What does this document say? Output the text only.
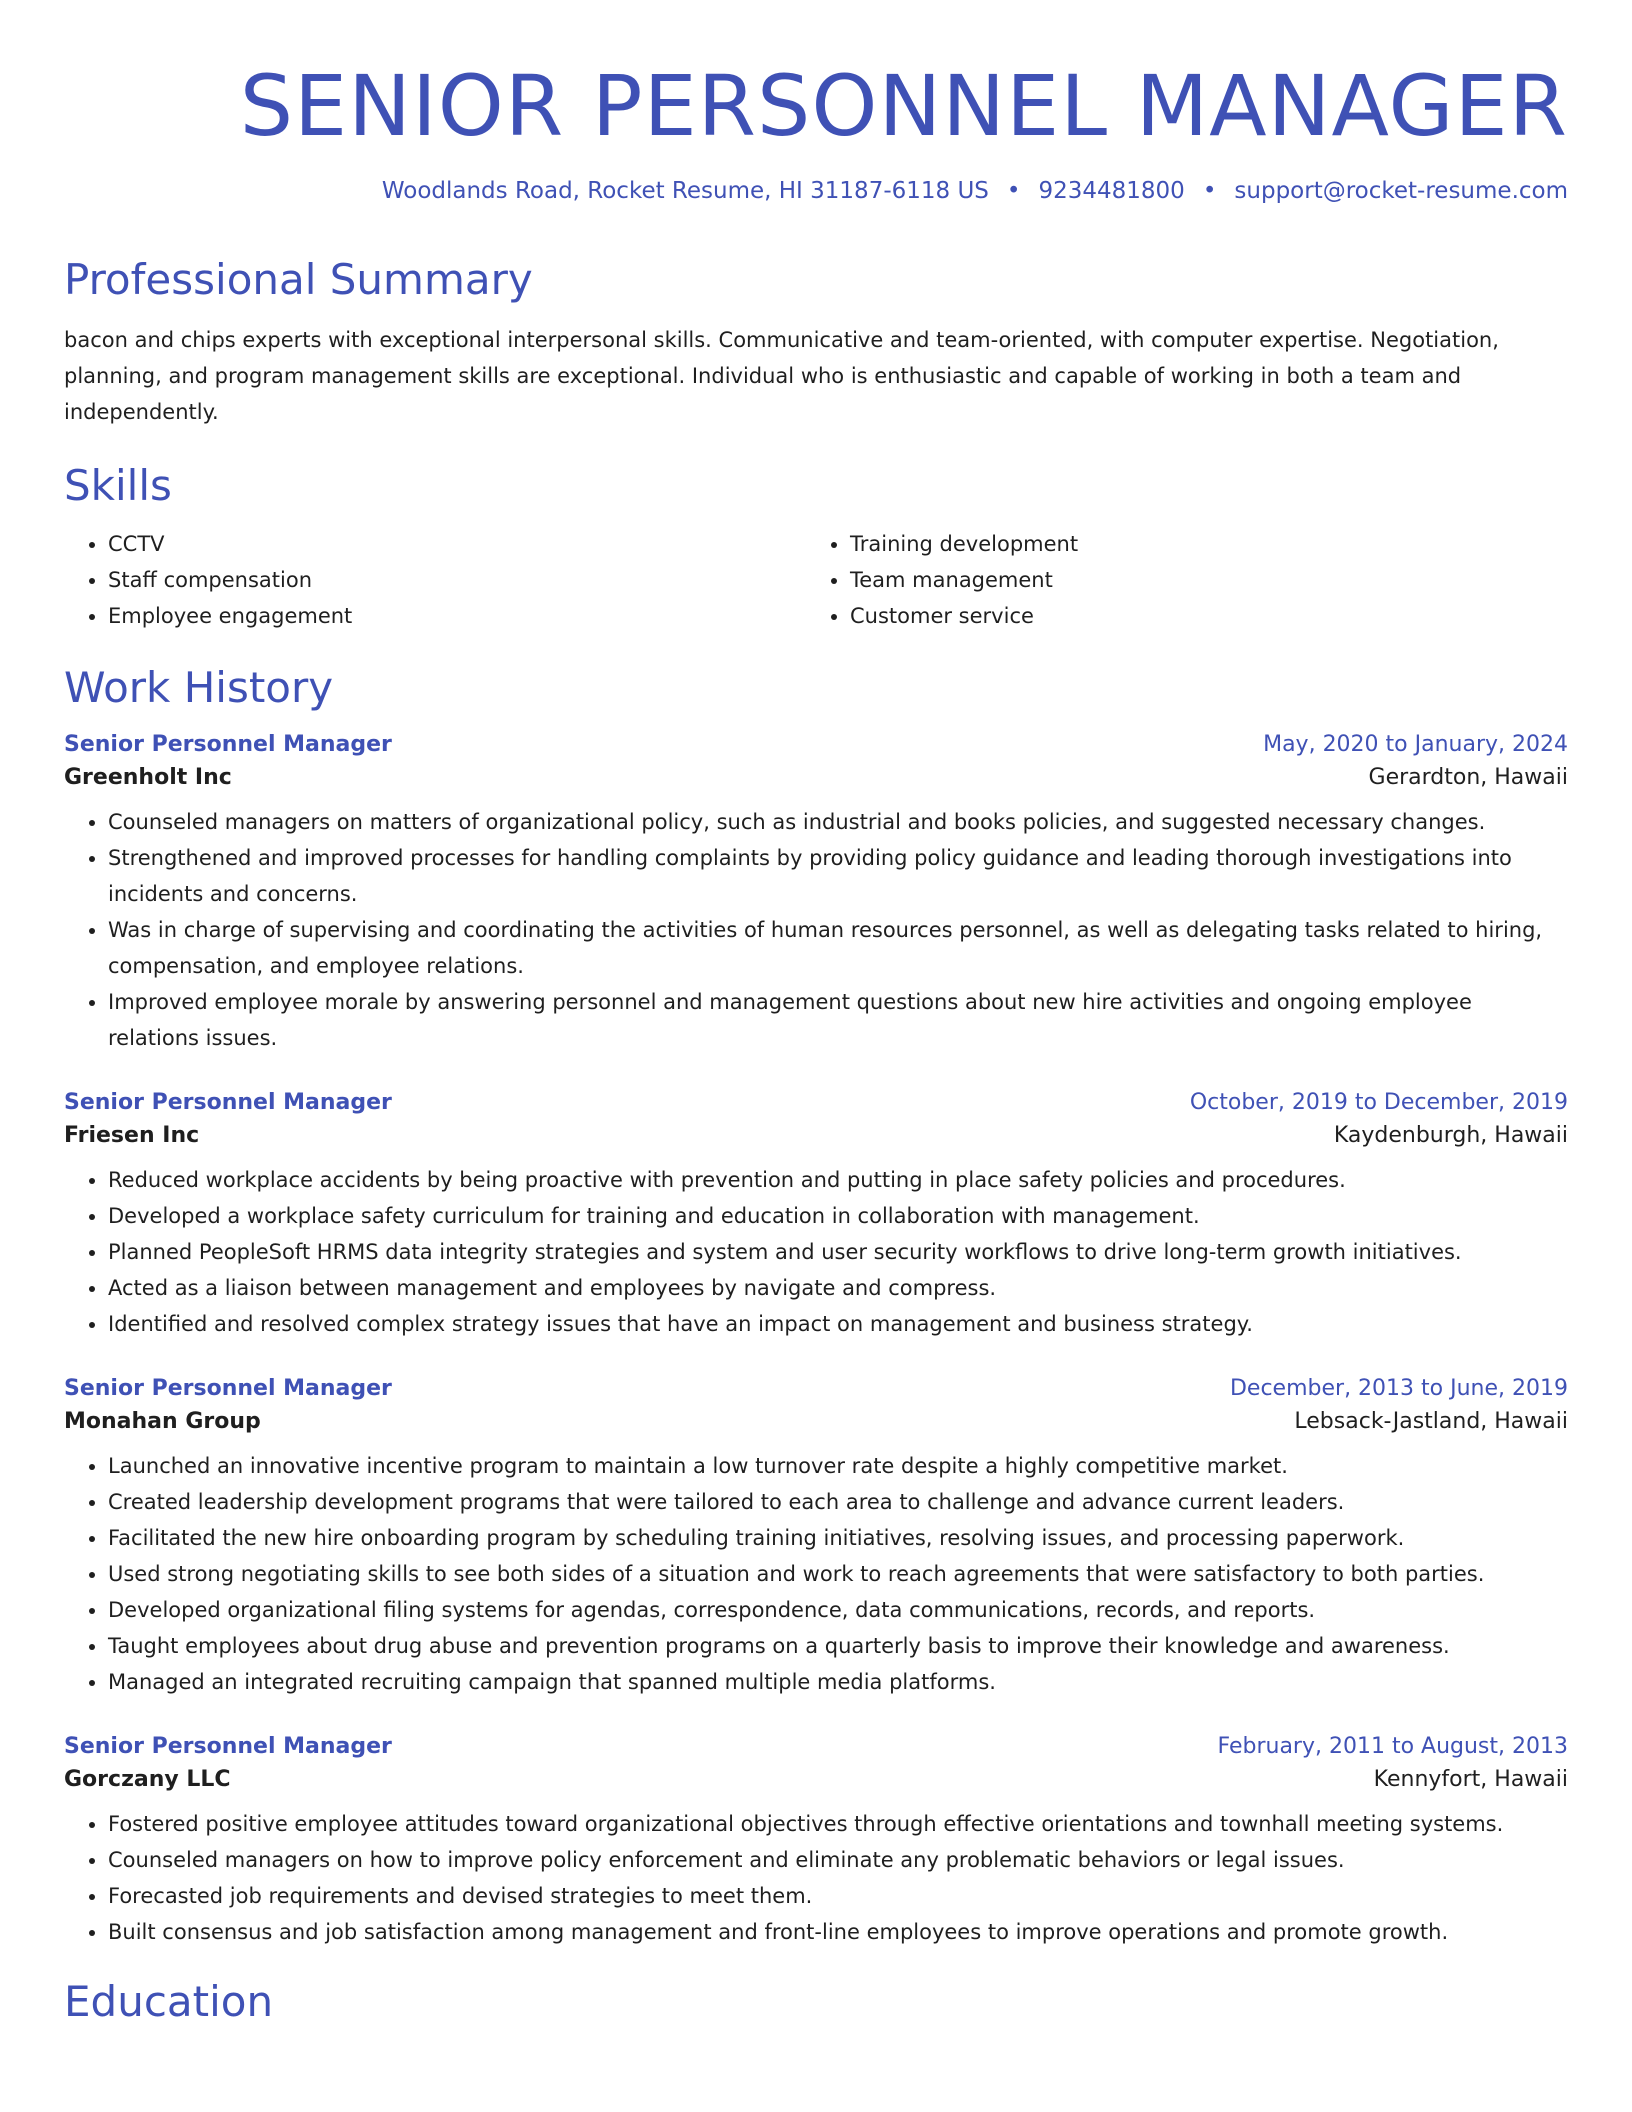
SENIOR PERSONNEL MANAGER
Woodlands Road, Rocket Resume, HI 31187-6118 US • 9234481800 • support@rocket-resume.com
Professional Summary
bacon and chips experts with exceptional interpersonal skills. Communicative and team-oriented, with computer expertise. Negotiation, planning, and program management skills are exceptional. Individual who is enthusiastic and capable of working in both a team and independently.
Skills
• CCTV
• Staff compensation
• Employee engagement
• Training development
• Team management
• Customer service
Work History
Senior Personnel Manager	May, 2020 to January, 2024
Greenholt Inc	Gerardton, Hawaii
• Counseled managers on matters of organizational policy, such as industrial and books policies, and suggested necessary changes.
• Strengthened and improved processes for handling complaints by providing policy guidance and leading thorough investigations into incidents and concerns.
• Was in charge of supervising and coordinating the activities of human resources personnel, as well as delegating tasks related to hiring, compensation, and employee relations.
• Improved employee morale by answering personnel and management questions about new hire activities and ongoing employee relations issues.
Senior Personnel Manager	October, 2019 to December, 2019
Friesen Inc	Kaydenburgh, Hawaii
• Reduced workplace accidents by being proactive with prevention and putting in place safety policies and procedures.
• Developed a workplace safety curriculum for training and education in collaboration with management.
• Planned PeopleSoft HRMS data integrity strategies and system and user security workflows to drive long-term growth initiatives.
• Acted as a liaison between management and employees by navigate and compress.
• Identified and resolved complex strategy issues that have an impact on management and business strategy.
Senior Personnel Manager	December, 2013 to June, 2019
Monahan Group	Lebsack-Jastland, Hawaii
• Launched an innovative incentive program to maintain a low turnover rate despite a highly competitive market.
• Created leadership development programs that were tailored to each area to challenge and advance current leaders.
• Facilitated the new hire onboarding program by scheduling training initiatives, resolving issues, and processing paperwork.
• Used strong negotiating skills to see both sides of a situation and work to reach agreements that were satisfactory to both parties.
• Developed organizational filing systems for agendas, correspondence, data communications, records, and reports.
• Taught employees about drug abuse and prevention programs on a quarterly basis to improve their knowledge and awareness.
• Managed an integrated recruiting campaign that spanned multiple media platforms.
Senior Personnel Manager	February, 2011 to August, 2013
Gorczany LLC	Kennyfort, Hawaii
• Fostered positive employee attitudes toward organizational objectives through effective orientations and townhall meeting systems.
• Counseled managers on how to improve policy enforcement and eliminate any problematic behaviors or legal issues.
• Forecasted job requirements and devised strategies to meet them.
• Built consensus and job satisfaction among management and front-line employees to improve operations and promote growth.
Education
